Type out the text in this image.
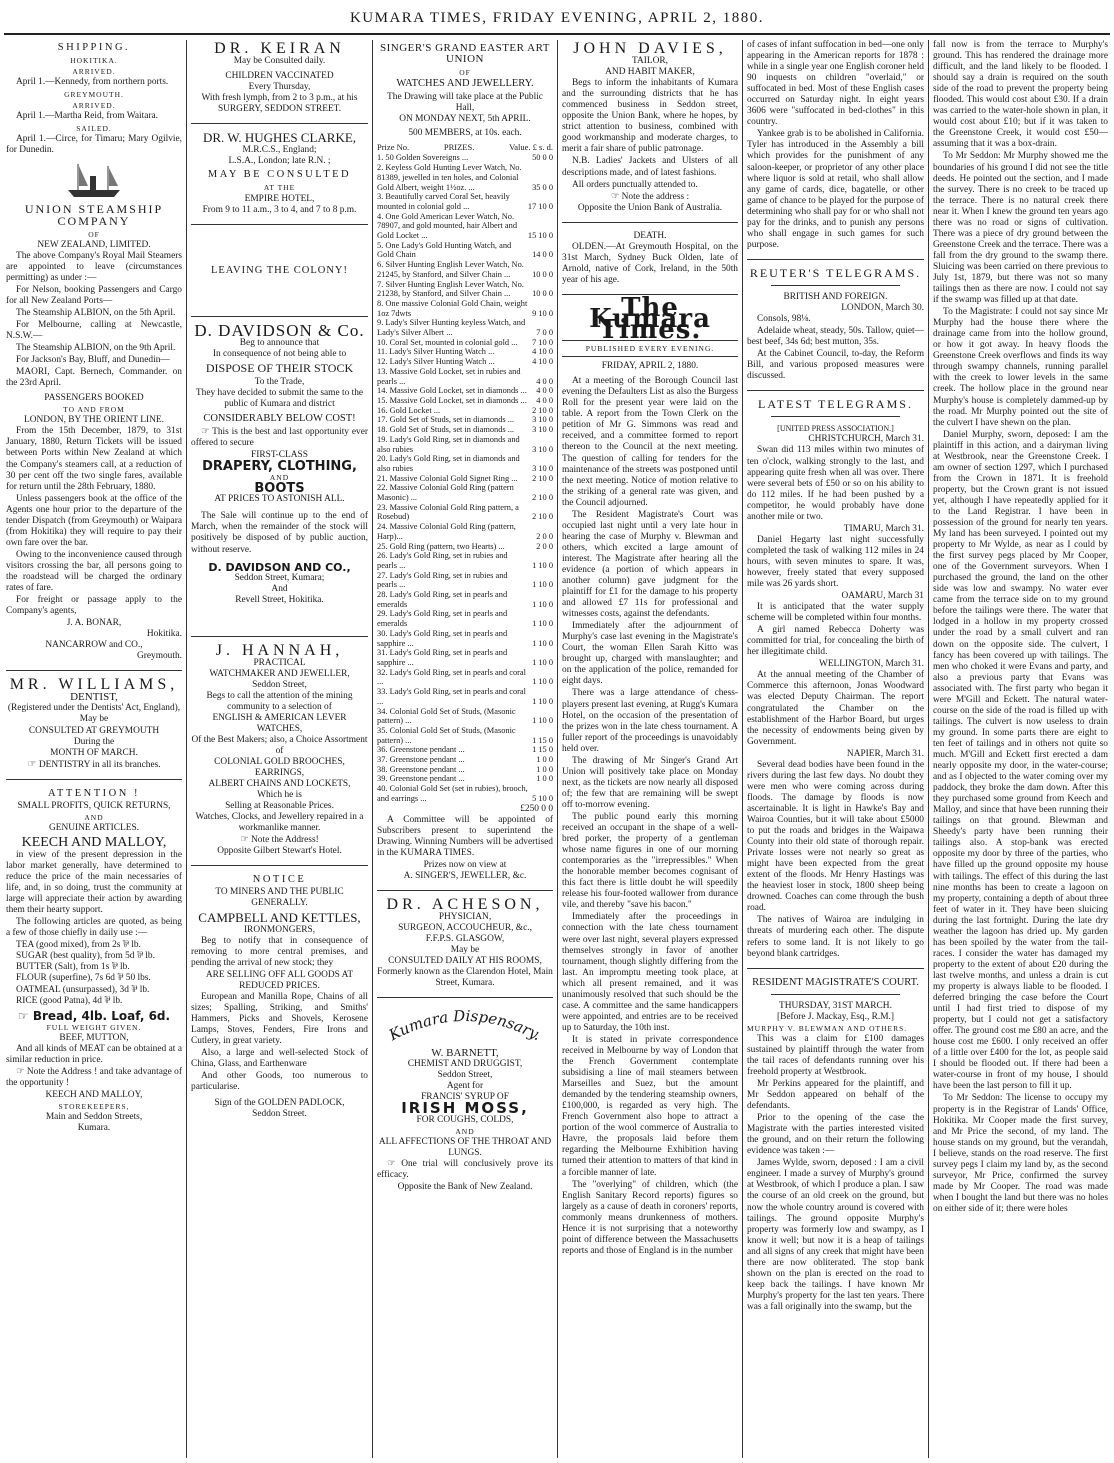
KUMARA TIMES, FRIDAY EVENING, APRIL 2, 1880.
SHIPPING.
HOKITIKA.
ARRIVED.

April 1.—Kennedy, from northern ports.

GREYMOUTH.
ARRIVED.

April 1.—Martha Reid, from Waitara.

SAILED.

April 1.—Circe, for Timaru; Mary Ogilvie, for Dunedin.

UNION STEAMSHIP COMPANY
OF
NEW ZEALAND, LIMITED.

The above Company's Royal Mail Steamers are appointed to leave (circumstances permitting) as under :—

For Nelson, booking Passengers and Cargo for all New Zealand Ports—

The Steamship ALBION, on the 5th April.

For Melbourne, calling at Newcastle, N.S.W.—

The Steamship ALBION, on the 9th April.

For Jackson's Bay, Bluff, and Dunedin—

MAORI, Capt. Bernech, Commander. on the 23rd April.

PASSENGERS BOOKED
TO AND FROM
LONDON, BY THE ORIENT LINE.

From the 15th December, 1879, to 31st January, 1880, Return Tickets will be issued between Ports within New Zealand at which the Company's steamers call, at a reduction of 30 per cent off the two single fares, available for return until the 28th February, 1880.

Unless passengers book at the office of the Agents one hour prior to the departure of the tender Dispatch (from Greymouth) or Waipara (from Hokitika) they will require to pay their own fare over the bar.

Owing to the inconvenience caused through visitors crossing the bar, all persons going to the roadstead will be charged the ordinary rates of fare.

For freight or passage apply to the Company's agents,

J. A. BONAR,
Hokitika.
NANCARROW and CO.,
Greymouth.
MR. WILLIAMS,
DENTIST,
(Registered under the Dentists' Act, England),
May be
CONSULTED AT GREYMOUTH
During the
MONTH OF MARCH.
☞ DENTISTRY in all its branches.
ATTENTION !
SMALL PROFITS, QUICK RETURNS,
AND
GENUINE ARTICLES.
KEECH AND MALLOY,

in view of the present depression in the labor market generally, have determined to reduce the price of the main necessaries of life, and, in so doing, trust the community at large will appreciate their action by awarding them their hearty support.

The following articles are quoted, as being a few of those chiefly in daily use :—

TEA (good mixed), from 2s ⅌ lb.
SUGAR (best quality), from 5d ⅌ lb.
BUTTER (Salt), from 1s ⅌ lb.
FLOUR (superfine), 7s 6d ⅌ 50 lbs.
OATMEAL (unsurpassed), 3d ⅌ lb.
RICE (good Patna), 4d ⅌ lb.
☞ Bread, 4lb. Loaf, 6d.
FULL WEIGHT GIVEN.
BEEF, MUTTON,

And all kinds of MEAT can be obtained at a similar reduction in price.

☞ Note the Address ! and take advantage of the opportunity !

KEECH AND MALLOY,
STOREKEEPERS,
Main and Seddon Streets,
Kumara.
DR. KEIRAN
May be Consulted daily.
CHILDREN VACCINATED
Every Thursday,
With fresh lymph, from 2 to 3 p.m., at his
SURGERY, SEDDON STREET.
DR. W. HUGHES CLARKE,
M.R.C.S., England;
L.S.A., London; late R.N. ;
MAY BE CONSULTED
AT THE
EMPIRE HOTEL,
From 9 to 11 a.m., 3 to 4, and 7 to 8 p.m.
LEAVING THE COLONY!
D. DAVIDSON & Co.
Beg to announce that
In consequence of not being able to
DISPOSE OF THEIR STOCK
To the Trade,
They have decided to submit the same to the public of Kumara and district
CONSIDERABLY BELOW COST!

☞ This is the best and last opportunity ever offered to secure

FIRST-CLASS
DRAPERY, CLOTHING,
AND
BOOTS
AT PRICES TO ASTONISH ALL.

The Sale will continue up to the end of March, when the remainder of the stock will positively be disposed of by public auction, without reserve.

D. DAVIDSON AND CO.,
Seddon Street, Kumara;
And
Revell Street, Hokitika.
J. HANNAH,
PRACTICAL
WATCHMAKER AND JEWELLER,
Seddon Street,
Begs to call the attention of the mining community to a selection of
ENGLISH & AMERICAN LEVER WATCHES,
Of the Best Makers; also, a Choice Assortment of
COLONIAL GOLD BROOCHES, EARRINGS,
ALBERT CHAINS AND LOCKETS,
Which he is
Selling at Reasonable Prices.
Watches, Clocks, and Jewellery repaired in a workmanlike manner.
☞ Note the Address!
Opposite Gilbert Stewart's Hotel.
NOTICE
TO MINERS AND THE PUBLIC GENERALLY.
CAMPBELL AND KETTLES,
IRONMONGERS,

Beg to notify that in consequence of removing to more central premises, and pending the arrival of new stock; they

ARE SELLING OFF ALL GOODS AT REDUCED PRICES.

European and Manilla Rope, Chains of all sizes; Spalling, Striking, and Smiths' Hammers, Picks and Shovels, Kerosene Lamps, Stoves, Fenders, Fire Irons and Cutlery, in great variety.

Also, a large and well-selected Stock of China, Glass, and Earthenware

And other Goods, too numerous to particularise.

Sign of the GOLDEN PADLOCK,
Seddon Street.
SINGER'S GRAND EASTER ART UNION
OF
WATCHES AND JEWELLERY.
The Drawing will take place at the Public Hall,
ON MONDAY NEXT, 5th APRIL.
500 MEMBERS, at 10s. each.
Prize No.	PRIZES.	Value. £ s. d.
1. 50 Golden Sovereigns ...	50 0 0
2. Keyless Gold Hunting Lever Watch, No. 81389, jewelled in ten holes, and Colonial Gold Albert, weight 1½oz. ...	35 0 0
3. Beautifully carved Coral Set, heavily mounted in colonial gold ...	17 10 0
4. One Gold American Lever Watch, No. 78907, and gold mounted, hair Albert and Gold Locket ...	15 10 0
5. One Lady's Gold Hunting Watch, and Gold Chain	14 0 0
6. Silver Hunting English Lever Watch, No. 21245, by Stanford, and Silver Chain ...	10 0 0
7. Silver Hunting English Lever Watch, No. 21238, by Stanford, and Silver Chain ...	10 0 0
8. One massive Colonial Gold Chain, weight 1oz 7dwts	9 10 0
9. Lady's Silver Hunting keyless Watch, and Lady's Silver Albert ...	7 0 0
10. Coral Set, mounted in colonial gold ...	7 10 0
11. Lady's Silver Hunting Watch ...	4 10 0
12. Lady's Silver Hunting Watch ...	4 10 0
13. Massive Gold Locket, set in rubies and pearls ...	4 0 0
14. Massive Gold Locket, set in diamonds ...	4 0 0
15. Massive Gold Locket, set in diamonds ...	4 0 0
16. Gold Locket ...	2 10 0
17. Gold Set of Studs, set in diamonds ...	3 10 0
18. Gold Set of Studs, set in diamonds ...	3 10 0
19. Lady's Gold Ring, set in diamonds and also rubies	3 10 0
20. Lady's Gold Ring, set in diamonds and also rubies	3 10 0
21. Massive Colonial Gold Signet Ring ...	2 10 0
22. Massive Colonial Gold Ring (pattern Masonic) ...	2 10 0
23. Massive Colonial Gold Ring pattern, a Rosebud)	2 10 0
24. Massive Colonial Gold Ring (pattern, Harp)...	2 0 0
25. Gold Ring (pattern, two Hearts) ...	2 0 0
26. Lady's Gold Ring, set in rubies and pearls ...	1 10 0
27. Lady's Gold Ring, set in rubies and pearls ...	1 10 0
28. Lady's Gold Ring, set in pearls and emeralds	1 10 0
29. Lady's Gold Ring, set in pearls and emeralds	1 10 0
30. Lady's Gold Ring, set in pearls and sapphire ...	1 10 0
31. Lady's Gold Ring, set in pearls and sapphire ...	1 10 0
32. Lady's Gold Ring, set in pearls and coral ...	1 10 0
33. Lady's Gold Ring, set in pearls and coral ...	1 10 0
34. Colonial Gold Set of Studs, (Masonic pattern) ...	1 10 0
35. Colonial Gold Set of Studs, (Masonic pattern) ...	1 15 0
36. Greenstone pendant ...	1 15 0
37. Greenstone pendant ...	1 0 0
38. Greenstone pendant ...	1 0 0
39. Greenstone pendant ...	1 0 0
40. Colonial Gold Set (set in rubies), brooch, and earrings ...	5 10 0
£250 0 0

A Committee will be appointed of Subscribers present to superintend the Drawing. Winning Numbers will be advertised in the KUMARA TIMES.

Prizes now on view at
A. SINGER'S, JEWELLER, &c.
DR. ACHESON,
PHYSICIAN,
SURGEON, ACCOUCHEUR, &c.,
F.F.P.S. GLASGOW,
May be
CONSULTED DAILY AT HIS ROOMS,
Formerly known as the Clarendon Hotel, Main Street, Kumara.
Kumara Dispensary.
W. BARNETT,
CHEMIST AND DRUGGIST,
Seddon Street,
Agent for
FRANCIS' SYRUP OF
IRISH MOSS,
FOR COUGHS, COLDS,
AND
ALL AFFECTIONS OF THE THROAT AND LUNGS.

☞ One trial will conclusively prove its efficacy.

Opposite the Bank of New Zealand.
JOHN DAVIES,
TAILOR,
AND HABIT MAKER,

Begs to inform the inhabitants of Kumara and the surrounding districts that he has commenced business in Seddon street, opposite the Union Bank, where he hopes, by strict attention to business, combined with good workmanship and moderate charges, to merit a fair share of public patronage.

N.B. Ladies' Jackets and Ulsters of all descriptions made, and of latest fashions.

All orders punctually attended to.

☞ Note the address :
Opposite the Union Bank of Australia.
DEATH.

OLDEN.—At Greymouth Hospital, on the 31st March, Sydney Buck Olden, late of Arnold, native of Cork, Ireland, in the 50th year of his age.

The Kumara Times.
PUBLISHED EVERY EVENING.
FRIDAY, APRIL 2, 1880.

At a meeting of the Borough Council last evening the Defaulters List as also the Burgess Roll for the present year were laid on the table. A report from the Town Clerk on the petition of Mr G. Simmons was read and received, and a committee formed to report thereon to the Council at the next meeting. The question of calling for tenders for the maintenance of the streets was postponed until the next meeting. Notice of motion relative to the striking of a general rate was given, and the Council adjourned.

The Resident Magistrate's Court was occupied last night until a very late hour in hearing the case of Murphy v. Blewman and others, which excited a large amount of interest. The Magistrate after hearing all the evidence (a portion of which appears in another column) gave judgment for the plaintiff for £1 for the damage to his property and allowed £7 11s for professional and witnesses costs, against the defendants.

Immediately after the adjournment of Murphy's case last evening in the Magistrate's Court, the woman Ellen Sarah Kitto was brought up, charged with manslaughter; and on the application of the police, remanded for eight days.

There was a large attendance of chess-players present last evening, at Rugg's Kumara Hotel, on the occasion of the presentation of the prizes won in the late chess tournament. A fuller report of the proceedings is unavoidably held over.

The drawing of Mr Singer's Grand Art Union will positively take place on Monday next, as the tickets are now nearly all disposed of; the few that are remaining will be swept off to-morrow evening.

The public pound early this morning received an occupant in the shape of a well-bred porker, the property of a gentleman whose name figures in one of our morning contemporaries as the "irrepressibles." When the honorable member becomes cognisant of this fact there is little doubt he will speedily release his four-footed wallower from durance vile, and thereby "save his bacon."

Immediately after the proceedings in connection with the late chess tournament were over last night, several players expressed themselves strongly in favor of another tournament, though slightly differing from the last. An impromptu meeting took place, at which all present remained, and it was unanimously resolved that such should be the case. A committee and the same handicappers were appointed, and entries are to be received up to Saturday, the 10th inst.

It is stated in private correspondence received in Melbourne by way of London that the French Government contemplate subsidising a line of mail steamers between Marseilles and Suez, but the amount demanded by the tendering steamship owners, £100,000, is regarded as very high. The French Government also hope to attract a portion of the wool commerce of Australia to Havre, the proposals laid before them regarding the Melbourne Exhibition having turned their attention to matters of that kind in a forcible manner of late.

The "overlying" of children, which (the English Sanitary Record reports) figures so largely as a cause of death in coroners' reports, commonly means drunkenness of mothers. Hence it is not surprising that a noteworthy point of difference between the Massachusetts reports and those of England is in the number

of cases of infant suffocation in bed—one only appearing in the American reports for 1878 : while in a single year one English coroner held 90 inquests on children "overlaid," or suffocated in bed. Most of these English cases occurred on Saturday night. In eight years 3606 were "suffocated in bed-clothes" in this country.

Yankee grab is to be abolished in California. Tyler has introduced in the Assembly a bill which provides for the punishment of any saloon-keeper, or proprietor of any other place where liquor is sold at retail, who shall allow any game of cards, dice, bagatelle, or other game of chance to be played for the purpose of determining who shall pay for or who shall not pay for the drinks, and to punish any persons who shall engage in such games for such purpose.

REUTER'S TELEGRAMS.
BRITISH AND FOREIGN.
LONDON, March 30.

Consols, 98⅛.

Adelaide wheat, steady, 50s. Tallow, quiet—best beef, 34s 6d; best mutton, 35s.

At the Cabinet Council, to-day, the Reform Bill, and various proposed measures were discussed.

LATEST TELEGRAMS.
[UNITED PRESS ASSOCIATION.]
CHRISTCHURCH, March 31.

Swan did 113 miles within two minutes of ten o'clock, walking strongly to the last, and appearing quite fresh when all was over. There were several bets of £50 or so on his ability to do 112 miles. If he had been pushed by a competitor, he would probably have done another mile or two.

TIMARU, March 31.

Daniel Hegarty last night successfully completed the task of walking 112 miles in 24 hours, with seven minutes to spare. It was, however, freely stated that every supposed mile was 26 yards short.

OAMARU, March 31

It is anticipated that the water supply scheme will be completed within four months.

A girl named Rebecca Doherty was committed for trial, for concealing the birth of her illegitimate child.

WELLINGTON, March 31.

At the annual meeting of the Chamber of Commerce this afternoon, Jonas Woodward was elected Deputy Chairman. The report congratulated the Chamber on the establishment of the Harbor Board, but urges the necessity of endowments being given by Government.

NAPIER, March 31.

Several dead bodies have been found in the rivers during the last few days. No doubt they were men who were coming across during floods. The damage by floods is now ascertainable. It is light in Hawke's Bay and Wairoa Counties, but it will take about £5000 to put the roads and bridges in the Waipawa County into their old state of thorough repair. Private losses were not nearly so great as might have been expected from the great extent of the floods. Mr Henry Hastings was the heaviest loser in stock, 1800 sheep being drowned. Coaches can come through the bush road.

The natives of Wairoa are indulging in threats of murdering each other. The dispute refers to some land. It is not likely to go beyond blank cartridges.

RESIDENT MAGISTRATE'S COURT.
THURSDAY, 31ST MARCH.
[Before J. Mackay, Esq., R.M.]
MURPHY V. BLEWMAN AND OTHERS.

This was a claim for £100 damages sustained by plaintiff through the water from the tail races of defendants running over his freehold property at Westbrook.

Mr Perkins appeared for the plaintiff, and Mr Seddon appeared on behalf of the defendants.

Prior to the opening of the case the Magistrate with the parties interested visited the ground, and on their return the following evidence was taken :—

James Wylde, sworn, deposed : I am a civil engineer. I made a survey of Murphy's ground at Westbrook, of which I produce a plan. I saw the course of an old creek on the ground, but now the whole country around is covered with tailings. The ground opposite Murphy's property was formerly low and swampy, as I know it well; but now it is a heap of tailings and all signs of any creek that might have been there are now obliterated. The stop bank shown on the plan is erected on the road to keep back the tailings. I have known Mr Murphy's property for the last ten years. There was a fall originally into the swamp, but the

fall now is from the terrace to Murphy's ground. This has rendered the drainage more difficult, and the land likely to be flooded. I should say a drain is required on the south side of the road to prevent the property being flooded. This would cost about £30. If a drain was carried to the water-hole shown in plan, it would cost about £10; but if it was taken to the Greenstone Creek, it would cost £50—assuming that it was a box-drain.

To Mr Seddon: Mr Murphy showed me the boundaries of his ground I did not see the title deeds. He pointed out the section, and I made the survey. There is no creek to be traced up the terrace. There is no natural creek there near it. When I knew the ground ten years ago there was no road or signs of cultivation. There was a piece of dry ground between the Greenstone Creek and the terrace. There was a fall from the dry ground to the swamp there. Sluicing was been carried on there previous to July 1st, 1879, but there was not so many tailings then as there are now. I could not say if the swamp was filled up at that date.

To the Magistrate: I could not say since Mr Murphy had the house there where the drainage came from into the hollow ground, or how it got away. In heavy floods the Greenstone Creek overflows and finds its way through swampy channels, running parallel with the creek to lower levels in the same creek. The hollow place in the ground near Murphy's house is completely dammed-up by the road. Mr Murphy pointed out the site of the culvert I have shewn on the plan.

Daniel Murphy, sworn, deposed: I am the plaintiff in this action, and a dairyman living at Westbrook, near the Greenstone Creek. I am owner of section 1297, which I purchased from the Crown in 1871. It is freehold property, but the Crown grant is not issued yet, although I have repeatedly applied for it to the Land Registrar. I have been in possession of the ground for nearly ten years. My land has been surveyed. I pointed out my property to Mr Wylde, as near as I could by the first survey pegs placed by Mr Cooper, one of the Government surveyors. When I purchased the ground, the land on the other side was low and swampy. No water ever came from the terrace side on to my ground before the tailings were there. The water that lodged in a hollow in my property crossed under the road by a small culvert and ran down on the opposite side. The culvert, I fancy has been covered up with tailings. The men who choked it were Evans and party, and also a previous party that Evans was associated with. The first party who began it were M'Gill and Eckett. The natural water-course on the side of the road is filled up with tailings. The culvert is now useless to drain my ground. In some parts there are eight to ten feet of tailings and in others not quite so much. M'Gill and Eckett first erected a dam nearly opposite my door, in the water-course; and as I objected to the water coming over my paddock, they broke the dam down. After this they purchased some ground from Keech and Malloy, and since that have been running their tailings on that ground. Blewman and Sheedy's party have been running their tailings also. A stop-bank was erected opposite my door by three of the parties, who have filled up the ground opposite my house with tailings. The effect of this during the last nine months has been to create a lagoon on my property, containing a depth of about three feet of water in it. They have been sluicing during the last fortnight. During the late dry weather the lagoon has dried up. My garden has been spoiled by the water from the tail-races. I consider the water has damaged my property to the extent of about £20 during the last twelve months, and unless a drain is cut my property is always liable to be flooded. I deferred bringing the case before the Court until I had first tried to dispose of my property, but I could not get a satisfactory offer. The ground cost me £80 an acre, and the house cost me £600. I only received an offer of a little over £400 for the lot, as people said I should be flooded out. If there had been a water-course in front of my house, I should have been the last person to fill it up.

To Mr Seddon: The license to occupy my property is in the Registrar of Lands' Office, Hokitika. Mr Cooper made the first survey, and Mr Price the second, of my land. The house stands on my ground, but the verandah, I believe, stands on the road reserve. The first survey pegs I claim my land by, as the second surveyor, Mr Price, confirmed the survey made by Mr Cooper. The road was made when I bought the land but there was no holes on either side of it; there were holes
